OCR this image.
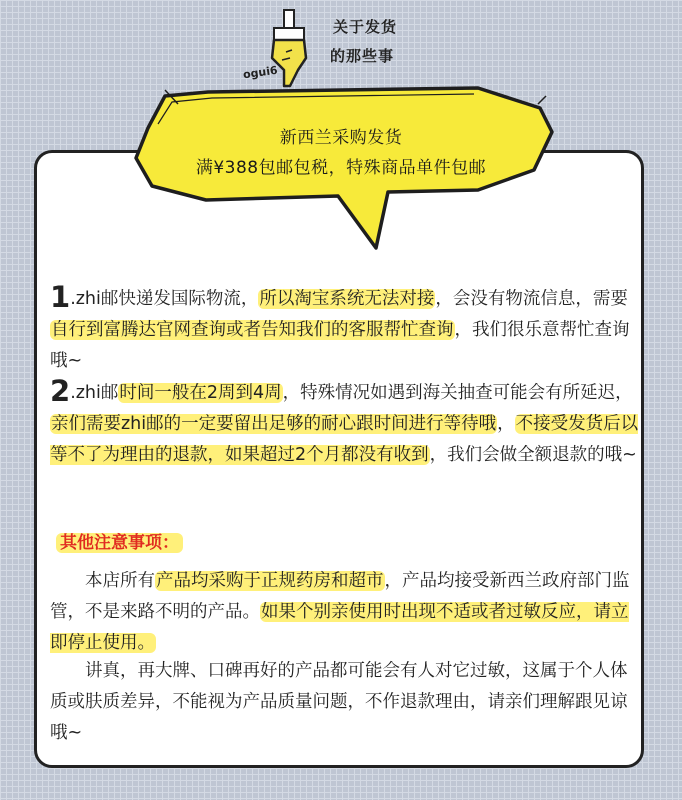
ogui6
关于发货
的那些事
新西兰采购发货
满¥388包邮包税，特殊商品单件包邮
1.zhi邮快递发国际物流，所以淘宝系统无法对接，会没有物流信息，需要自行到富腾达官网查询或者告知我们的客服帮忙查询，我们很乐意帮忙查询哦~
2.zhi邮时间一般在2周到4周，特殊情况如遇到海关抽查可能会有所延迟，亲们需要zhi邮的一定要留出足够的耐心跟时间进行等待哦，不接受发货后以等不了为理由的退款，如果超过2个月都没有收到，我们会做全额退款的哦~
其他注意事项：
本店所有产品均采购于正规药房和超市，产品均接受新西兰政府部门监管，不是来路不明的产品。如果个别亲使用时出现不适或者过敏反应，请立即停止使用。
讲真，再大牌、口碑再好的产品都可能会有人对它过敏，这属于个人体质或肤质差异，不能视为产品质量问题，不作退款理由，请亲们理解跟见谅哦~
